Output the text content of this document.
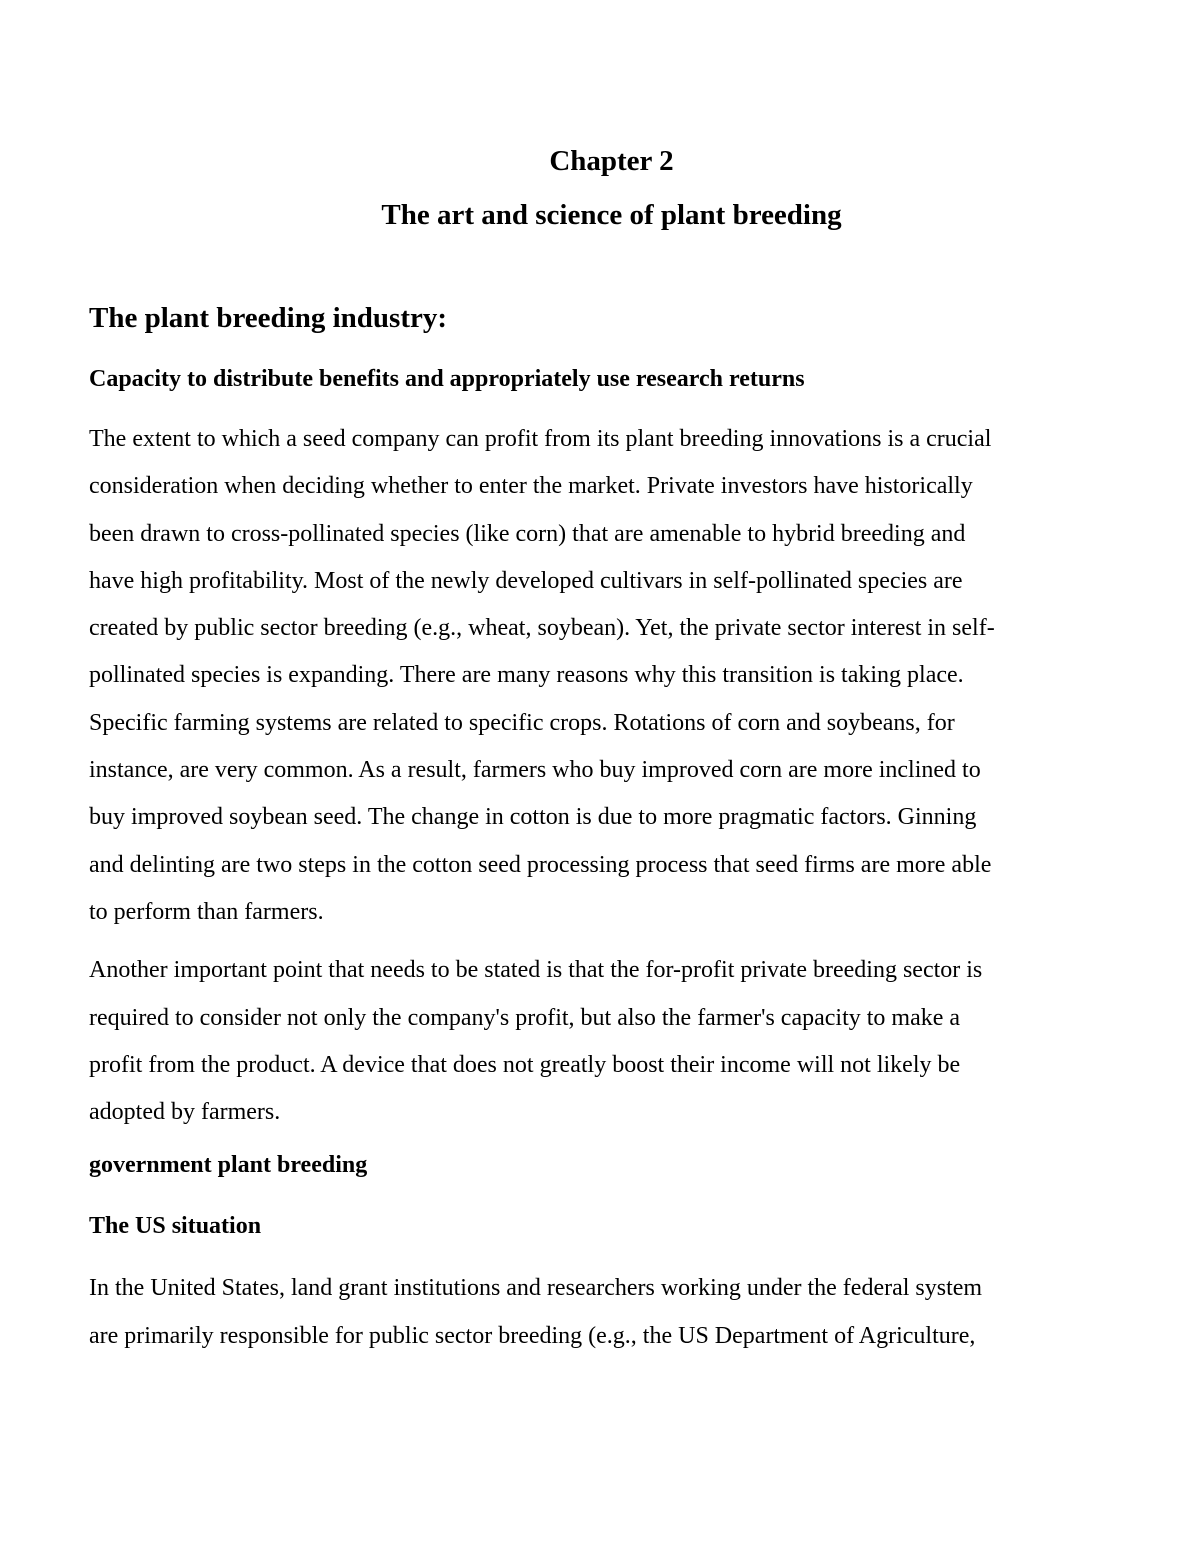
Chapter 2
The art and science of plant breeding
The plant breeding industry:
Capacity to distribute benefits and appropriately use research returns

The extent to which a seed company can profit from its plant breeding innovations is a crucial
consideration when deciding whether to enter the market. Private investors have historically
been drawn to cross-pollinated species (like corn) that are amenable to hybrid breeding and
have high profitability. Most of the newly developed cultivars in self-pollinated species are
created by public sector breeding (e.g., wheat, soybean). Yet, the private sector interest in self-
pollinated species is expanding. There are many reasons why this transition is taking place.
Specific farming systems are related to specific crops. Rotations of corn and soybeans, for
instance, are very common. As a result, farmers who buy improved corn are more inclined to
buy improved soybean seed. The change in cotton is due to more pragmatic factors. Ginning
and delinting are two steps in the cotton seed processing process that seed firms are more able
to perform than farmers.

Another important point that needs to be stated is that the for-profit private breeding sector is
required to consider not only the company's profit, but also the farmer's capacity to make a
profit from the product. A device that does not greatly boost their income will not likely be
adopted by farmers.

government plant breeding
The US situation

In the United States, land grant institutions and researchers working under the federal system
are primarily responsible for public sector breeding (e.g., the US Department of Agriculture,
